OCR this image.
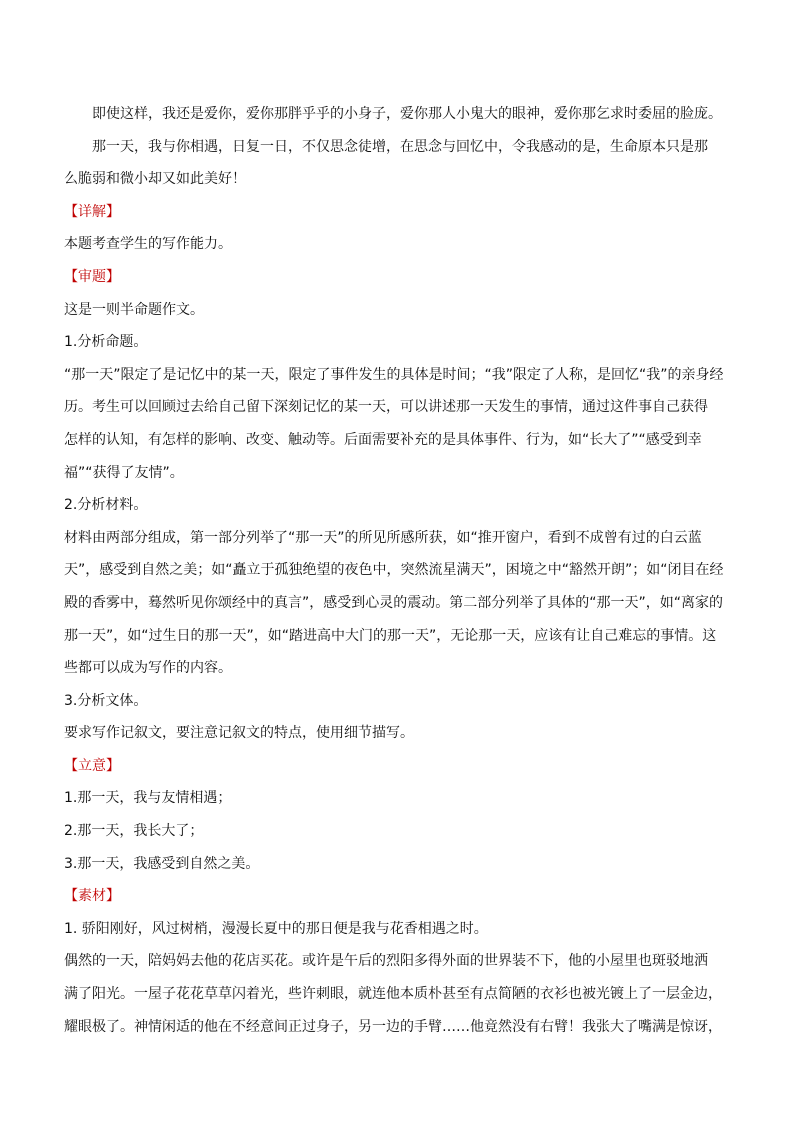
即使这样，我还是爱你，爱你那胖乎乎的小身子，爱你那人小鬼大的眼神，爱你那乞求时委屈的脸庞。

那一天，我与你相遇，日复一日，不仅思念徒增，在思念与回忆中，令我感动的是，生命原本只是那

么脆弱和微小却又如此美好！

【详解】

本题考查学生的写作能力。

【审题】

这是一则半命题作文。

1.分析命题。

“那一天”限定了是记忆中的某一天，限定了事件发生的具体是时间；“我”限定了人称，是回忆“我”的亲身经

历。考生可以回顾过去给自己留下深刻记忆的某一天，可以讲述那一天发生的事情，通过这件事自己获得

怎样的认知，有怎样的影响、改变、触动等。后面需要补充的是具体事件、行为，如“长大了”“感受到幸

福”“获得了友情”。

2.分析材料。

材料由两部分组成，第一部分列举了“那一天”的所见所感所获，如“推开窗户，看到不成曾有过的白云蓝

天”，感受到自然之美；如“矗立于孤独绝望的夜色中，突然流星满天”，困境之中“豁然开朗”；如“闭目在经

殿的香雾中，蓦然听见你颂经中的真言”，感受到心灵的震动。第二部分列举了具体的“那一天”，如“离家的

那一天”，如“过生日的那一天”，如“踏进高中大门的那一天”，无论那一天，应该有让自己难忘的事情。这

些都可以成为写作的内容。

3.分析文体。

要求写作记叙文，要注意记叙文的特点，使用细节描写。

【立意】

1.那一天，我与友情相遇；

2.那一天，我长大了；

3.那一天，我感受到自然之美。

【素材】

1. 骄阳刚好，风过树梢，漫漫长夏中的那日便是我与花香相遇之时。

偶然的一天，陪妈妈去他的花店买花。或许是午后的烈阳多得外面的世界装不下，他的小屋里也斑驳地洒

满了阳光。一屋子花花草草闪着光，些许刺眼，就连他本质朴甚至有点简陋的衣衫也被光镀上了一层金边，

耀眼极了。神情闲适的他在不经意间正过身子，另一边的手臂……他竟然没有右臂！我张大了嘴满是惊讶，
